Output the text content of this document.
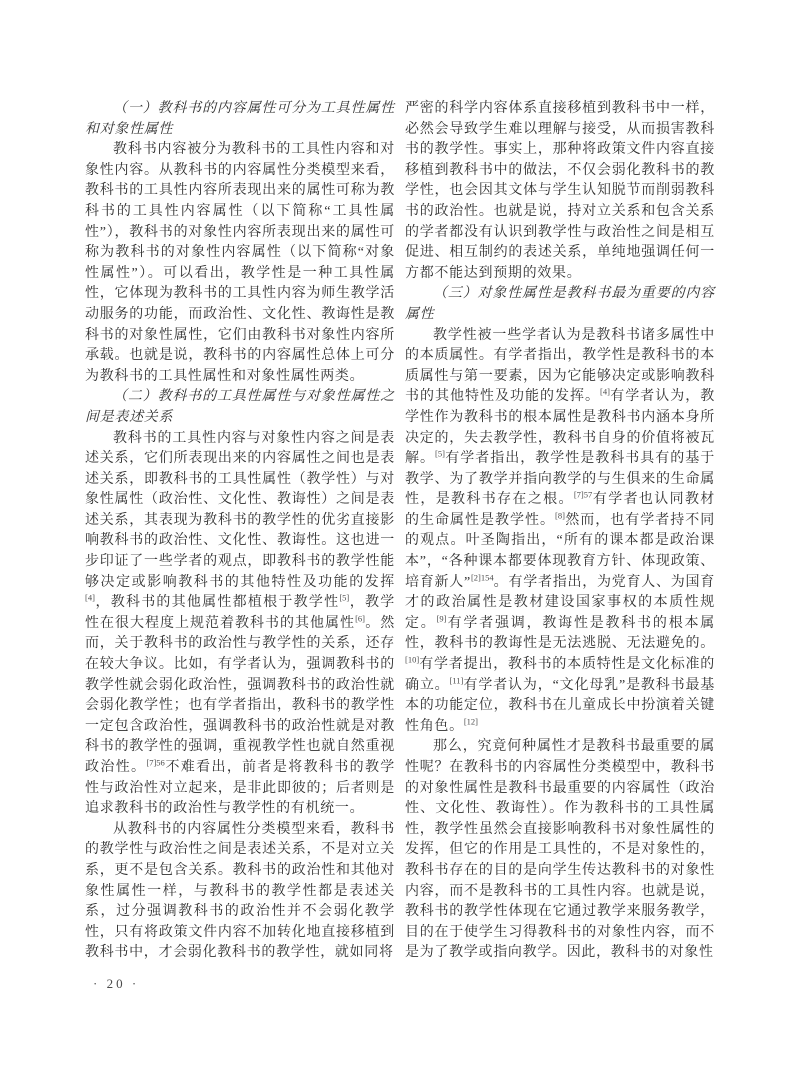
（一）教科书的内容属性可分为工具性属性和对象性属性
教科书内容被分为教科书的工具性内容和对象性内容。从教科书的内容属性分类模型来看，教科书的工具性内容所表现出来的属性可称为教科书的工具性内容属性（以下简称“工具性属性”），教科书的对象性内容所表现出来的属性可称为教科书的对象性内容属性（以下简称“对象性属性”）。可以看出，教学性是一种工具性属性，它体现为教科书的工具性内容为师生教学活动服务的功能，而政治性、文化性、教诲性是教科书的对象性属性，它们由教科书对象性内容所承载。也就是说，教科书的内容属性总体上可分为教科书的工具性属性和对象性属性两类。
（二）教科书的工具性属性与对象性属性之间是表述关系
教科书的工具性内容与对象性内容之间是表述关系，它们所表现出来的内容属性之间也是表述关系，即教科书的工具性属性（教学性）与对象性属性（政治性、文化性、教诲性）之间是表述关系，其表现为教科书的教学性的优劣直接影响教科书的政治性、文化性、教诲性。这也进一步印证了一些学者的观点，即教科书的教学性能够决定或影响教科书的其他特性及功能的发挥[4]，教科书的其他属性都植根于教学性[5]，教学性在很大程度上规范着教科书的其他属性[6]。然而，关于教科书的政治性与教学性的关系，还存在较大争议。比如，有学者认为，强调教科书的教学性就会弱化政治性，强调教科书的政治性就会弱化教学性；也有学者指出，教科书的教学性一定包含政治性，强调教科书的政治性就是对教科书的教学性的强调，重视教学性也就自然重视政治性。$^{[7]56}$不难看出，前者是将教科书的教学性与政治性对立起来，是非此即彼的；后者则是追求教科书的政治性与教学性的有机统一。
从教科书的内容属性分类模型来看，教科书的教学性与政治性之间是表述关系，不是对立关系，更不是包含关系。教科书的政治性和其他对象性属性一样，与教科书的教学性都是表述关系，过分强调教科书的政治性并不会弱化教学性，只有将政策文件内容不加转化地直接移植到教科书中，才会弱化教科书的教学性，就如同将
严密的科学内容体系直接移植到教科书中一样，必然会导致学生难以理解与接受，从而损害教科书的教学性。事实上，那种将政策文件内容直接移植到教科书中的做法，不仅会弱化教科书的教学性，也会因其文体与学生认知脱节而削弱教科书的政治性。也就是说，持对立关系和包含关系的学者都没有认识到教学性与政治性之间是相互促进、相互制约的表述关系，单纯地强调任何一方都不能达到预期的效果。
（三）对象性属性是教科书最为重要的内容属性
教学性被一些学者认为是教科书诸多属性中的本质属性。有学者指出，教学性是教科书的本质属性与第一要素，因为它能够决定或影响教科书的其他特性及功能的发挥。[4]有学者认为，教学性作为教科书的根本属性是教科书内涵本身所决定的，失去教学性，教科书自身的价值将被瓦解。[5]有学者指出，教学性是教科书具有的基于教学、为了教学并指向教学的与生俱来的生命属性，是教科书存在之根。$^{[7]57}$有学者也认同教材的生命属性是教学性。[8]然而，也有学者持不同的观点。叶圣陶指出，“所有的课本都是政治课本”，“各种课本都要体现教育方针、体现政策、培育新人”$^{[2]154}$。有学者指出，为党育人、为国育才的政治属性是教材建设国家事权的本质性规定。[9]有学者强调，教诲性是教科书的根本属性，教科书的教诲性是无法逃脱、无法避免的。[10]有学者提出，教科书的本质特性是文化标准的确立。[11]有学者认为，“文化母乳”是教科书最基本的功能定位，教科书在儿童成长中扮演着关键性角色。[12]
那么，究竟何种属性才是教科书最重要的属性呢？在教科书的内容属性分类模型中，教科书的对象性属性是教科书最重要的内容属性（政治性、文化性、教诲性）。作为教科书的工具性属性，教学性虽然会直接影响教科书对象性属性的发挥，但它的作用是工具性的，不是对象性的，教科书存在的目的是向学生传达教科书的对象性内容，而不是教科书的工具性内容。也就是说，教科书的教学性体现在它通过教学来服务教学，目的在于使学生习得教科书的对象性内容，而不是为了教学或指向教学。因此，教科书的对象性
· 20 ·
